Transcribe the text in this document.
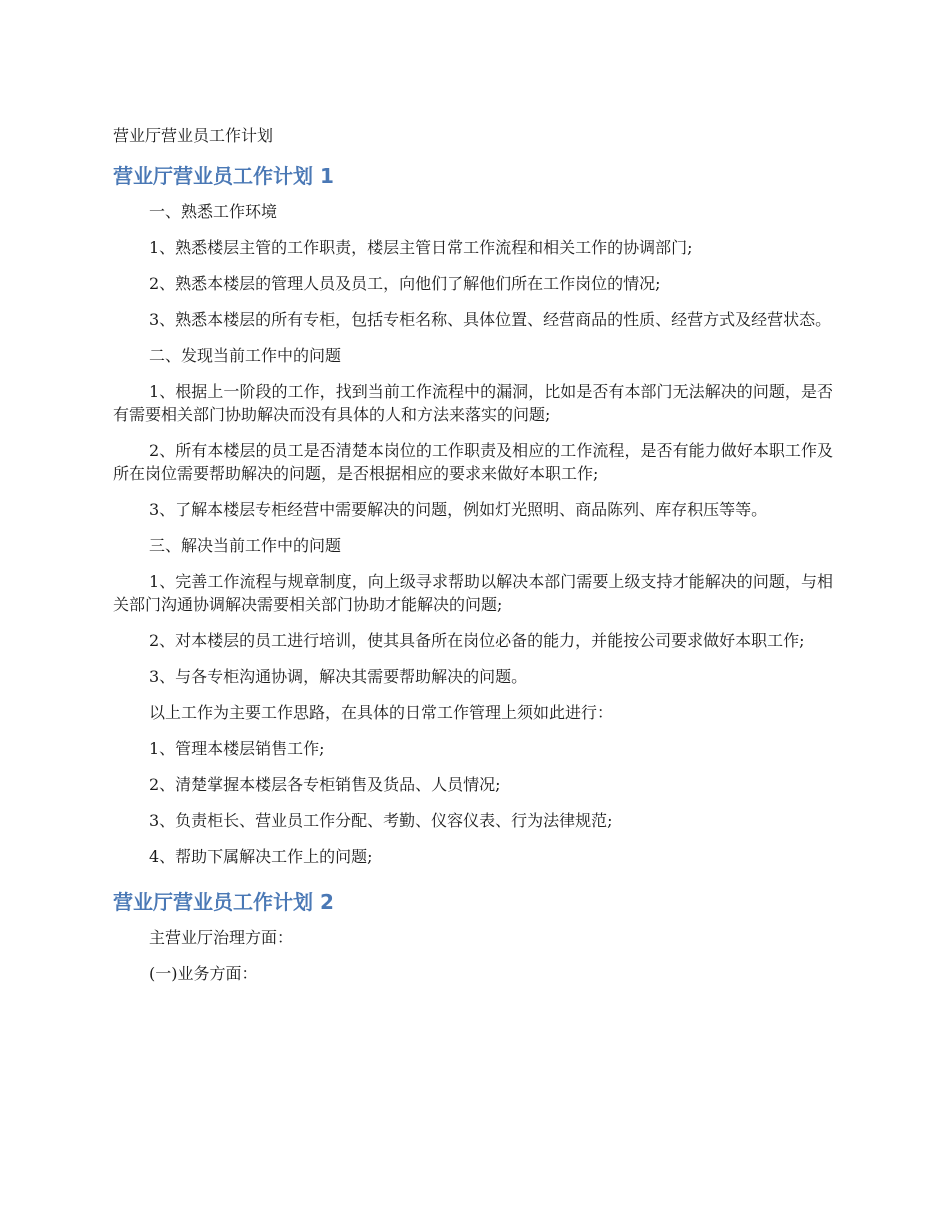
营业厅营业员工作计划
营业厅营业员工作计划 1

一、熟悉工作环境

1、熟悉楼层主管的工作职责，楼层主管日常工作流程和相关工作的协调部门;

2、熟悉本楼层的管理人员及员工，向他们了解他们所在工作岗位的情况;

3、熟悉本楼层的所有专柜，包括专柜名称、具体位置、经营商品的性质、经营方式及经营状态。

二、发现当前工作中的问题

1、根据上一阶段的工作，找到当前工作流程中的漏洞，比如是否有本部门无法解决的问题，是否有需要相关部门协助解决而没有具体的人和方法来落实的问题;

2、所有本楼层的员工是否清楚本岗位的工作职责及相应的工作流程，是否有能力做好本职工作及所在岗位需要帮助解决的问题，是否根据相应的要求来做好本职工作;

3、了解本楼层专柜经营中需要解决的问题，例如灯光照明、商品陈列、库存积压等等。

三、解决当前工作中的问题

1、完善工作流程与规章制度，向上级寻求帮助以解决本部门需要上级支持才能解决的问题，与相关部门沟通协调解决需要相关部门协助才能解决的问题;

2、对本楼层的员工进行培训，使其具备所在岗位必备的能力，并能按公司要求做好本职工作;

3、与各专柜沟通协调，解决其需要帮助解决的问题。

以上工作为主要工作思路，在具体的日常工作管理上须如此进行：

1、管理本楼层销售工作;

2、清楚掌握本楼层各专柜销售及货品、人员情况;

3、负责柜长、营业员工作分配、考勤、仪容仪表、行为法律规范;

4、帮助下属解决工作上的问题;

营业厅营业员工作计划 2

主营业厅治理方面：

(一)业务方面：
